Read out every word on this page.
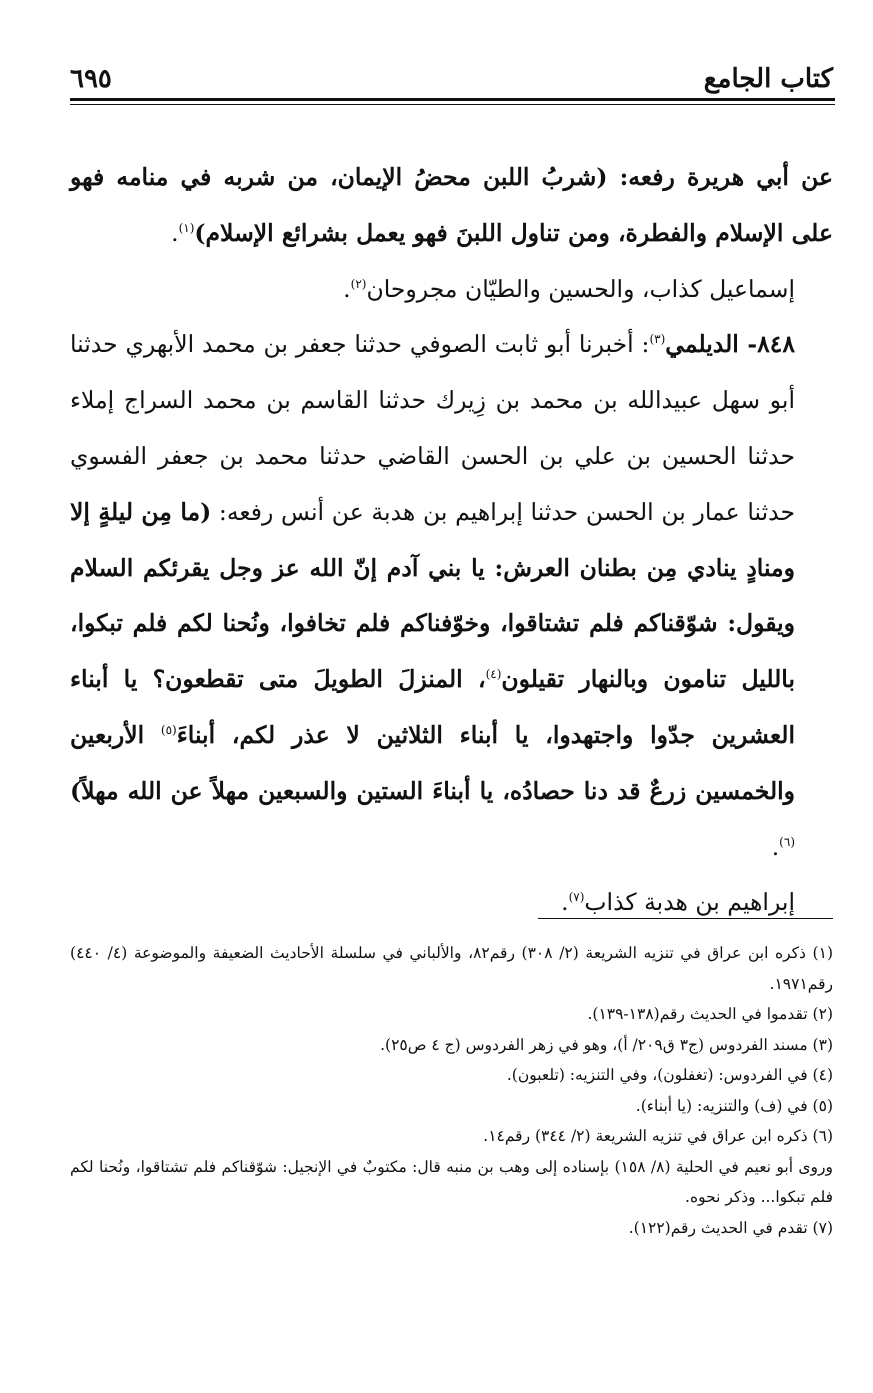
كتاب الجامع
٦٩٥

عن أبي هريرة رفعه: (شربُ اللبن محضُ الإيمان، من شربه في منامه فهو على الإسلام والفطرة، ومن تناول اللبنَ فهو يعمل بشرائع الإسلام)$^{(١)}$.

إسماعيل كذاب، والحسين والطيّان مجروحان$^{(٢)}$.

٨٤٨- الديلمي$^{(٣)}$: أخبرنا أبو ثابت الصوفي حدثنا جعفر بن محمد الأبهري حدثنا أبو سهل عبيدالله بن محمد بن زِيرك حدثنا القاسم بن محمد السراج إملاء حدثنا الحسين بن علي بن الحسن القاضي حدثنا محمد بن جعفر الفسوي حدثنا عمار بن الحسن حدثنا إبراهيم بن هدبة عن أنس رفعه: (ما مِن ليلةٍ إلا ومنادٍ ينادي مِن بطنان العرش: يا بني آدم إنّ الله عز وجل يقرئكم السلام ويقول: شوّقناكم فلم تشتاقوا، وخوّفناكم فلم تخافوا، ونُحنا لكم فلم تبكوا، بالليل تنامون وبالنهار تقيلون$^{(٤)}$، المنزلَ الطويلَ متى تقطعون؟ يا أبناء العشرين جدّوا واجتهدوا، يا أبناء الثلاثين لا عذر لكم، أبناءَ$^{(٥)}$ الأربعين والخمسين زرعٌ قد دنا حصادُه، يا أبناءَ الستين والسبعين مهلاً عن الله مهلاً)$^{(٦)}$.

إبراهيم بن هدبة كذاب$^{(٧)}$.

(١) ذكره ابن عراق في تنزيه الشريعة (٢/ ٣٠٨) رقم٨٢، والألباني في سلسلة الأحاديث الضعيفة والموضوعة (٤/ ٤٤٠) رقم١٩٧١.

(٢) تقدموا في الحديث رقم(١٣٨-١٣٩).

(٣) مسند الفردوس (ج٣ ق٢٠٩/ أ)، وهو في زهر الفردوس (ج ٤ ص٢٥).

(٤) في الفردوس: (تغفلون)، وفي التنزيه: (تلعبون).

(٥) في (ف) والتنزيه: (يا أبناء).

(٦) ذكره ابن عراق في تنزيه الشريعة (٢/ ٣٤٤) رقم١٤.

وروى أبو نعيم في الحلية (٨/ ١٥٨) بإسناده إلى وهب بن منبه قال: مكتوبٌ في الإنجيل: شوّقناكم فلم تشتاقوا، ونُحنا لكم فلم تبكوا... وذكر نحوه.

(٧) تقدم في الحديث رقم(١٢٢).
